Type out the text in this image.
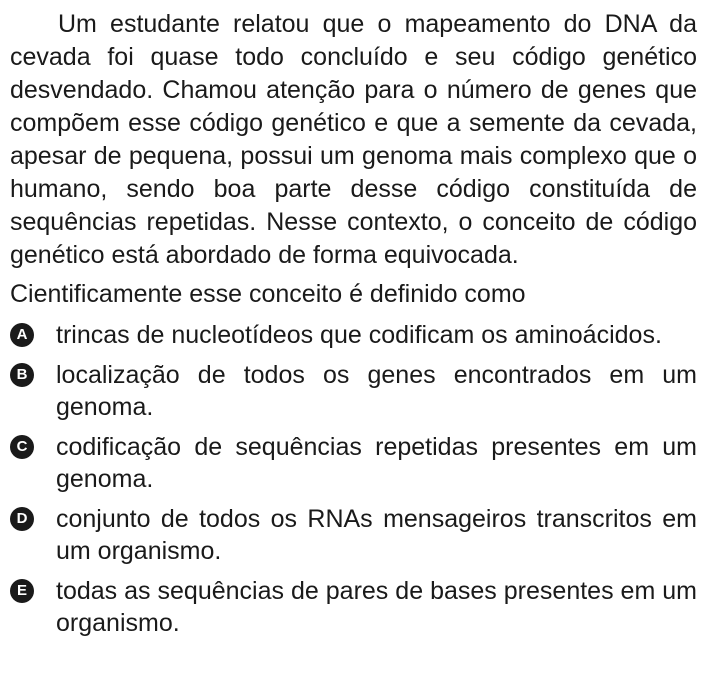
Um estudante relatou que o mapeamento do DNA da cevada foi quase todo concluído e seu código genético desvendado. Chamou atenção para o número de genes que compõem esse código genético e que a semente da cevada, apesar de pequena, possui um genoma mais complexo que o humano, sendo boa parte desse código constituída de sequências repetidas. Nesse contexto, o conceito de código genético está abordado de forma equivocada.

Cientificamente esse conceito é definido como

A trincas de nucleotídeos que codificam os aminoácidos.
B localização de todos os genes encontrados em um genoma.
C codificação de sequências repetidas presentes em um genoma.
D conjunto de todos os RNAs mensageiros transcritos em um organismo.
E todas as sequências de pares de bases presentes em um organismo.
